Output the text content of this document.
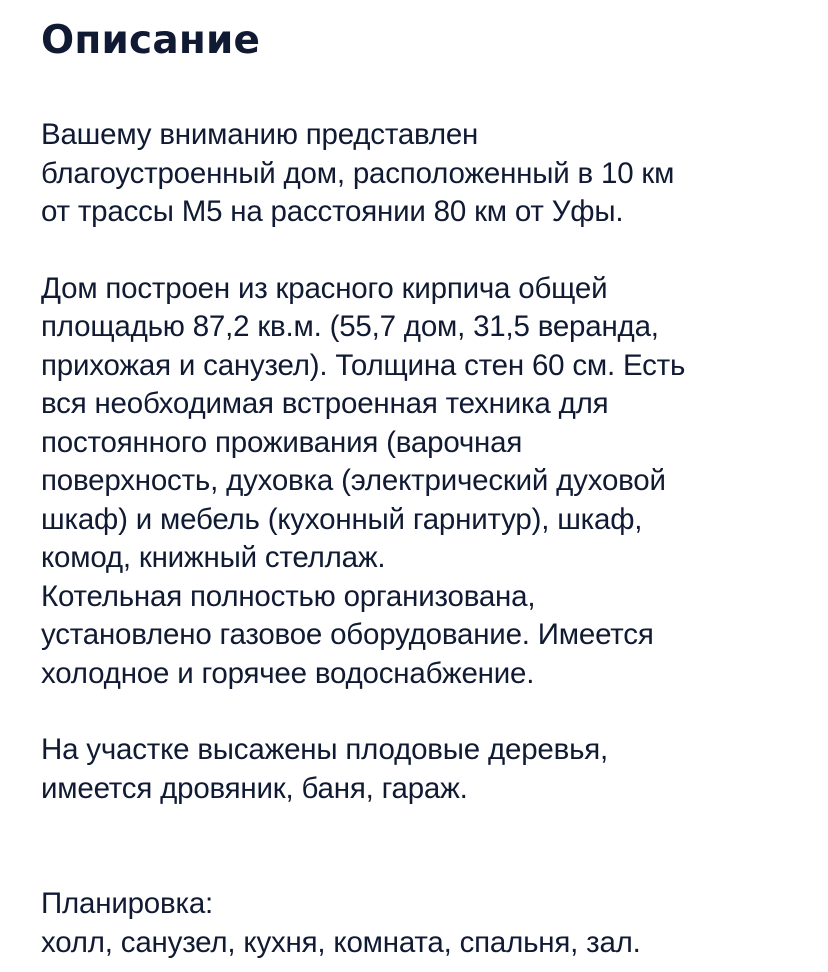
Описание

Вашему вниманию представлен
благоустроенный дом, расположенный в 10 км
от трассы М5 на расстоянии 80 км от Уфы.

Дом построен из красного кирпича общей
площадью 87,2 кв.м. (55,7 дом, 31,5 веранда,
прихожая и санузел). Толщина стен 60 см. Есть
вся необходимая встроенная техника для
постоянного проживания (варочная
поверхность, духовка (электрический духовой
шкаф) и мебель (кухонный гарнитур), шкаф,
комод, книжный стеллаж.

Котельная полностью организована,
установлено газовое оборудование. Имеется
холодное и горячее водоснабжение.

На участке высажены плодовые деревья,
имеется дровяник, баня, гараж.

Планировка:
холл, санузел, кухня, комната, спальня, зал.
